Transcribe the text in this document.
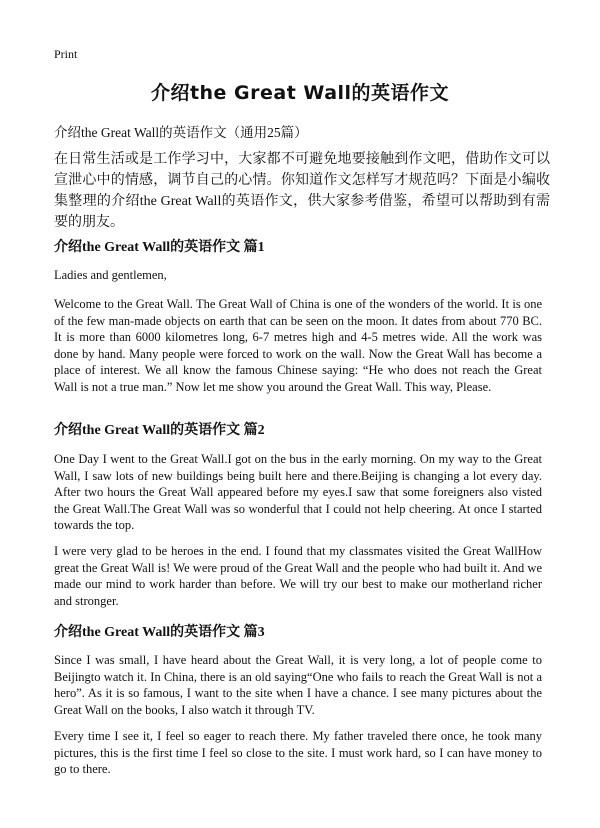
Print
介绍the Great Wall的英语作文
介绍the Great Wall的英语作文（通用25篇）
在日常生活或是工作学习中，大家都不可避免地要接触到作文吧，借助作文可以宣泄心中的情感，调节自己的心情。你知道作文怎样写才规范吗？下面是小编收集整理的介绍the Great Wall的英语作文，供大家参考借鉴，希望可以帮助到有需要的朋友。
介绍the Great Wall的英语作文 篇1
Ladies and gentlemen,
Welcome to the Great Wall. The Great Wall of China is one of the wonders of the world. It is one of the few man-made objects on earth that can be seen on the moon. It dates from about 770 BC. It is more than 6000 kilometres long, 6-7 metres high and 4-5 metres wide. All the work was done by hand. Many people were forced to work on the wall. Now the Great Wall has become a place of interest. We all know the famous Chinese saying: “He who does not reach the Great Wall is not a true man.” Now let me show you around the Great Wall. This way, Please.
介绍the Great Wall的英语作文 篇2
One Day I went to the Great Wall.I got on the bus in the early morning. On my way to the Great Wall, I saw lots of new buildings being built here and there.Beijing is changing a lot every day. After two hours the Great Wall appeared before my eyes.I saw that some foreigners also visted the Great Wall.The Great Wall was so wonderful that I could not help cheering. At once I started towards the top.
I were very glad to be heroes in the end. I found that my classmates visited the Great WallHow great the Great Wall is! We were proud of the Great Wall and the people who had built it. And we made our mind to work harder than before. We will try our best to make our motherland richer and stronger.
介绍the Great Wall的英语作文 篇3
Since I was small, I have heard about the Great Wall, it is very long, a lot of people come to Beijingto watch it. In China, there is an old saying“One who fails to reach the Great Wall is not a hero”. As it is so famous, I want to the site when I have a chance. I see many pictures about the Great Wall on the books, I also watch it through TV.
Every time I see it, I feel so eager to reach there. My father traveled there once, he took many pictures, this is the first time I feel so close to the site. I must work hard, so I can have money to go to there.
